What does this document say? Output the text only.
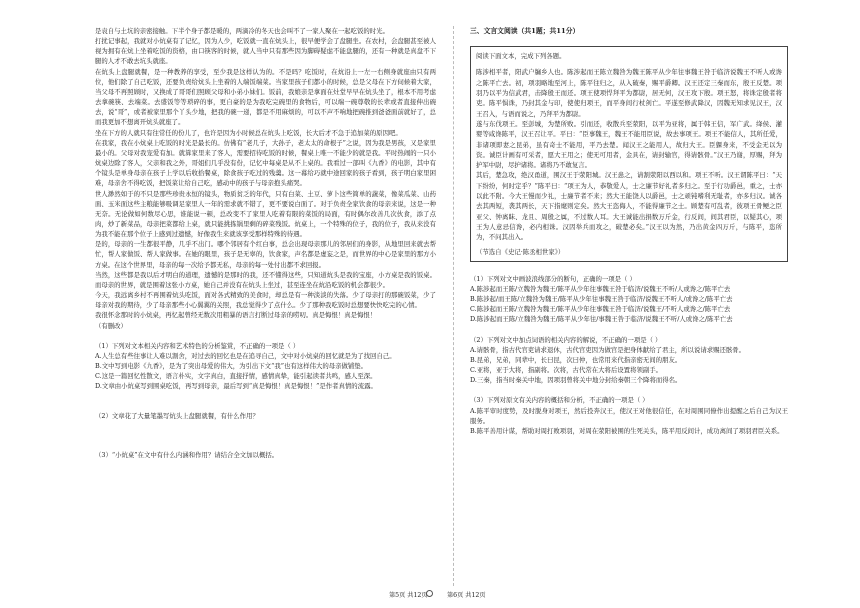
是袁自与土坑的亲密接触。下半个身子都是暖的，两滴冷的冬天也会叫不了一家人聚在一起吃饭的时光。

打扰记事起，我就对小炕桌有了记忆，因为人少，吃饭就一直在炕头上，很早便学会了盘腿坐。在农村，会盘腿甚至被人视为拥有在炕上坐着吃饭的资格，由口筷客的时候，就人当中只有那些因为脚碍疑虑不能盘腿的，还有一种就是真盘不下腿的人才不敢去坑头就座。

在炕头上盘腿就餐，是一种教养的享受，至少我是这样认为的。不是吗？吃饭时，在炕沿上一左一右侧身就座由只有两位，他们除了自己吃饭，还要负责给炕头上坐着的人端饭端菜。当家里孩子们都小的时候，总是父母在下方伺候着大家，当父母不再照顾时，又换成了哥哥们照顾父母和小弟小妹们。饭前，我娘亲是拿面在灶堂早早在炕头坐了，根本不用考虑去拿碗筷、去端菜。去盛饭等等琐碎的事，更自豪的是为我吃完碗里的食物后，可以端一碗尊敬的长辈或者直接伸出碗去，说“哥”，或者被家里那个丫头少地，把我的碗一递，都是不用麻烦的，可以不声不响地把碗推到爸爸面前就好了，总而我更加不想离开炕头就座了。

坐在下方的人就只有往常任的份儿了，也许是因为小时候总在炕头上吃饭，长大后才不急于追加菜的原因吧。

在我家，我在小炕桌上吃饭的时光是最长的。仿佛有“老几子，大孙子，老太太的命根子”之说，因为我是男孩，又是家里最小的。父母对我宠爱有加。就算家里来了客人，需要招待吃饭的时候，餐桌上唯一不能少的就是我。平时热闹的一只小炕桌边除了客人，父亲和我之外，哥姐们几乎没有份，记忆中每桌是从不上桌的。我看过一部叫《九香》的电影，其中有个镜头是单身母亲在孩子上学以后收拾餐桌，除食孩子吃过的残羹。这一幕给巧就中途回家的孩子看到，孩子明白家里困难，母亲舍不得吃饭，把饭菜让给自己吃，感动中的孩子与母亲抱头痛哭。

世人渺然如于的不只是那些珍贵永恒的镜头，物质贫乏的年代，只有白菜、土豆、萝卜这些简单的蔬菜，像菜瓜菜、山药面、玉米面这些主粮能够吸调足家里人一年的需求就不错了，更不要说白面了。对于负责全家饮食的母亲来说，这是一种无奈。无论做如何数尽心思，谁能说一顿，总改变不了家里人吃着有限的菜饭的局面，有时偶尔改善几次伙食，添了点肉，炒了新菜品，母亲把菜都给上桌，就只能挑拣锅里剩的碎菜残饭。炕桌上，一个特殊的位子，我的位子，我从来没有为我不能在那个位子上感到过遗憾，好像我生来就该享受那样特殊的待遇。

是的，母亲的一生都很平静，几乎不出门。哪个邻居有个红白事，总会出现母亲那儿的邻居们的身影，从地里回来就去帮忙，帮人家做饭、帮人家做事。在她的眼里，孩子是无辜的，饮食家，声名都是虚妄之是，而世界的中心是家里的那方小方桌。在这个世界里，母亲的每一次给予都无私，母亲的每一处付出都不求回报。

当然，这些都是我以后才明白的道理，遗憾的是那时的我，还不懂得这些，只知道炕头是我的宝座，小方桌是我的饭桌。而母亲的世界，就是围着这张小方桌，她自己并没有在炕头上坐过，甚至连坐在炕沿吃饭的机会都很少。

今天，我远离乡村不再围着炕头吃饭，面对各式精致的美食时，却总是有一种淡淡的失落。少了母亲打的那碗饭菜，少了母亲对我的期待，少了母亲那些小心翼翼的关照，我总觉得少了点什么。少了那种我吃饭时总想要快快吃完的心情。

我很怀念那时的小炕桌，再忆起曾经无数次用粗暴的语言打断过母亲的唠叨。真是悔恨！真是悔恨！

（有删改）

（1）下列对文本相关内容和艺术特色的分析鉴赏，不正确的一项是（ ）

A.人生总有些往事让人难以割舍，对过去的回忆也是在追寻自己，文中对小炕桌的回忆就是为了找回自己。

B.文中写到电影《九香》，是为了突出母爱的伟大，为引出下文“我”也有这样伟大的母亲做铺垫。

C.这是一篇回忆性散文，语言朴实，文字真白，直接抒情，感情真挚，能引起读者共鸣，感人至深。

D.文章由小炕桌写到围桌吃饭，再写到母亲，最后写到“真是悔恨！真是悔恨！”是作者真情的流露。

（2）文章花了大量笔墨写炕头上盘腿就餐，有什么作用？

（3）“小炕桌”在文中有什么内涵和作用？请结合全文加以概括。

三、文言文阅读（共1题；共11分）

阅读下面文本，完成下列各题。

陈涉相平者，阳武户牖乡人也。陈涉起而王陈立魏咎为魏王陈平从少年往事魏王咎于临济说魏王不听人或谗之陈平亡去。初，项羽略地至河上，陈平往归之，从入破秦，赐平爵卿。汉王还定三秦而东，殷王反楚。项羽乃以平为信武君，击降殷王而还。项王使项悍拜平为都尉，居无何，汉王攻下殷。项王怒，将诛定殷者将吏。陈平惧诛，乃封其金与印，使使归项王，而平身间行杖剑亡。平遂至修武降汉，因魏无知求见汉王，汉王召入，与语而说之，乃拜平为都尉。

遂与东伐项王。至彭城，为楚所败。引而还，收散兵至荥阳，以平为亚将，属于韩王信，军广武。绛侯、灌婴等咸谗陈平，汉王召让平。平曰：“臣事魏王，魏王不能用臣说，故去事项王。项王不能信人，其所任爱，非诸项即妻之昆弟，虽有奇士不能用，平乃去楚。闻汉王之能用人，故归大王。臣躶身来，不受金无以为资。诚臣计画有可采者，愿大王用之；使无可用者，金具在，请封输官，得请骸骨。”汉王乃谢，厚赐，拜为护军中尉，尽护诸将。诸将乃不敢复言。

其后，楚急攻，绝汉甬道，围汉王于荥阳城。汉王患之，请割荥阳以西以和。项王不听。汉王谓陈平曰：“天下纷纷，何时定乎？”陈平曰：“项王为人，恭敬爱人，士之廉节好礼者多归之。至于行功爵邑，重之，士亦以此不附。今大王慢而少礼，士廉节者不来；然大王能饶人以爵邑，士之顽钝嗜利无耻者，亦多归汉。诚各去其两短，袭其两长，天下指麾则定矣。然大王恣侮人，不能得廉节之士。顾楚有可乱者，彼项王骨鲠之臣亚父、钟离眛、龙且、周殷之属，不过数人耳。大王诚能出捐数万斤金，行反间，间其君臣，以疑其心，项王为人意忌信谗，必内相诛。汉因举兵而攻之，破楚必矣。”汉王以为然，乃出黄金四万斤，与陈平，恣所为，不问其出入。

（节选自《史记·陈丞相世家》）

（1）下列对文中画波浪线部分的断句，正确的一项是（ ）

A.陈涉起而王陈/立魏咎为魏王/陈平从少年往事魏王咎于临济/说魏王不听/人或谗之/陈平亡去

B.陈涉起/而王陈/立魏咎为魏王/陈平从少年往事魏王咎于临济/说魏王不听人/或谗之/陈平亡去

C.陈涉起而王陈/立魏咎为魏王/陈平从少年往事魏王咎于临济/说魏王/不听人或谗之/陈平亡去

D.陈涉起而王陈/立魏咎为魏王/陈平从少年往/事魏王咎于临济/说魏王不听/人或谗之/陈平亡去

（2）下列对文中加点词语的相关内容的解说，不正确的一项是（ ）

A.请骸骨，指古代官吏请求退休，古代官吏因为做官是把身体献给了君主，所以说请求赐还骸骨。

B.昆弟，兄弟，同辈中，长曰昆，次曰仲，也常用来代指亲密无间的朋友。

C.亚将，亚于大将，指副将。次将，古代常在大将后设置将领副手。

D.三秦，指当时秦关中地，因项羽曾将关中地分封给秦朝三个降将而得名。

（3）下列对原文有关内容的概括和分析，不正确的一项是（ ）

A.陈平审时度势，及时脱身对项王，然后投奔汉王，使汉王对他很信任，在对周围同僚作出提醒之后自己为汉王服务。

B.陈平善用计谋，帮助对周打败项羽，对周在荥阳被围的生死关头，陈平用反间计，成功离间了项羽君臣关系。

第5页 共12页	第6页 共12页
